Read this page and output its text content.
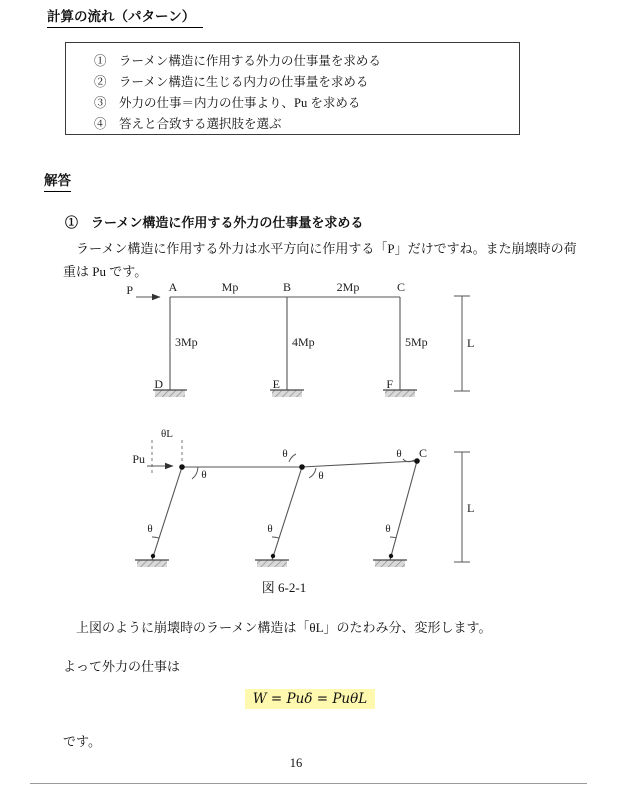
計算の流れ（パターン）
①　ラーメン構造に作用する外力の仕事量を求める
②　ラーメン構造に生じる内力の仕事量を求める
③　外力の仕事＝内力の仕事より、Pu を求める
④　答えと合致する選択肢を選ぶ
解答
①　ラーメン構造に作用する外力の仕事量を求める
　ラーメン構造に作用する外力は水平方向に作用する「P」だけですね。また崩壊時の荷
重は Pu です。
P	A	Mp	B	2Mp	C
3Mp	4Mp	5Mp
D	E	F
L
θL
Pu
θ
θ
θ
θ C
θ	θ	θ
L
図 6-2-1
　上図のように崩壊時のラーメン構造は「θL」のたわみ分、変形します。
よって外力の仕事は
W = Puδ = PuθL
です。
16
